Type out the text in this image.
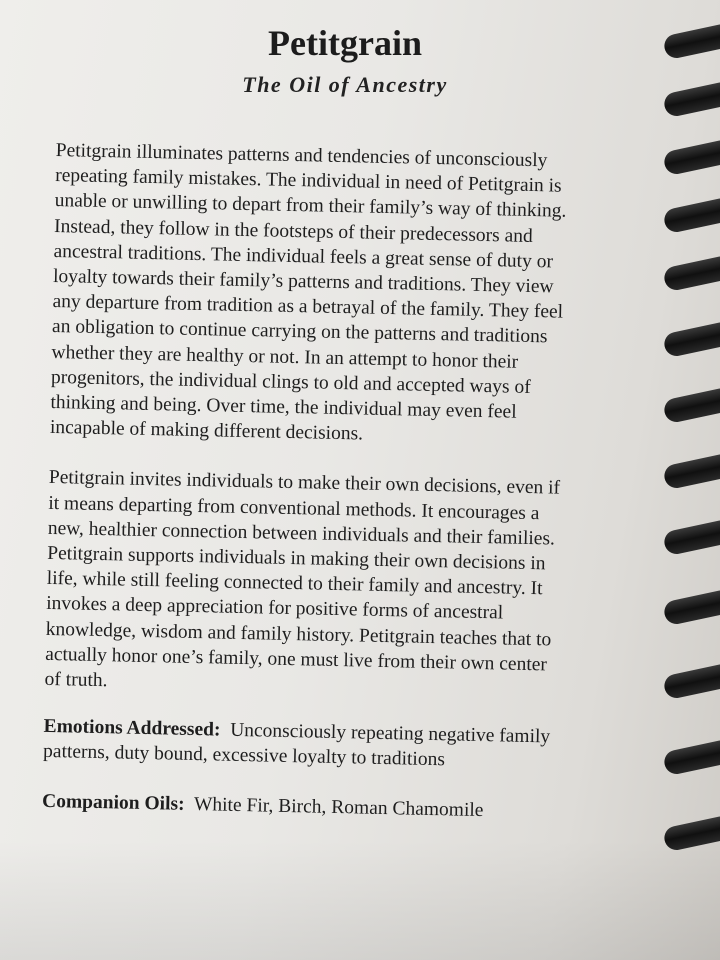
Petitgrain
The Oil of Ancestry

Petitgrain illuminates patterns and tendencies of unconsciously
repeating family mistakes. The individual in need of Petitgrain is
unable or unwilling to depart from their family’s way of thinking.
Instead, they follow in the footsteps of their predecessors and
ancestral traditions. The individual feels a great sense of duty or
loyalty towards their family’s patterns and traditions. They view
any departure from tradition as a betrayal of the family. They feel
an obligation to continue carrying on the patterns and traditions
whether they are healthy or not. In an attempt to honor their
progenitors, the individual clings to old and accepted ways of
thinking and being. Over time, the individual may even feel
incapable of making different decisions.

Petitgrain invites individuals to make their own decisions, even if
it means departing from conventional methods. It encourages a
new, healthier connection between individuals and their families.
Petitgrain supports individuals in making their own decisions in
life, while still feeling connected to their family and ancestry. It
invokes a deep appreciation for positive forms of ancestral
knowledge, wisdom and family history. Petitgrain teaches that to
actually honor one’s family, one must live from their own center
of truth.

Emotions Addressed: Unconsciously repeating negative family
patterns, duty bound, excessive loyalty to traditions

Companion Oils: White Fir, Birch, Roman Chamomile
